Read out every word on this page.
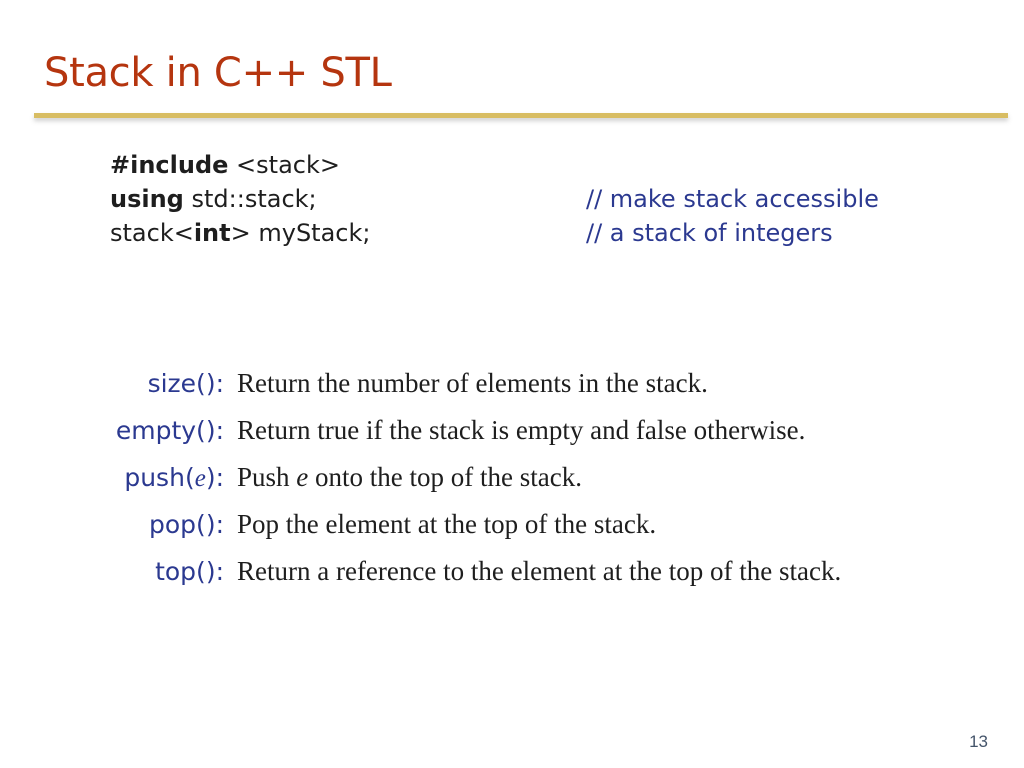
Stack in C++ STL
#include <stack>
using std::stack;	// make stack accessible
stack<int> myStack;	// a stack of integers
size(): Return the number of elements in the stack.
empty(): Return true if the stack is empty and false otherwise.
push(e): Push e onto the top of the stack.
pop(): Pop the element at the top of the stack.
top(): Return a reference to the element at the top of the stack.
13
